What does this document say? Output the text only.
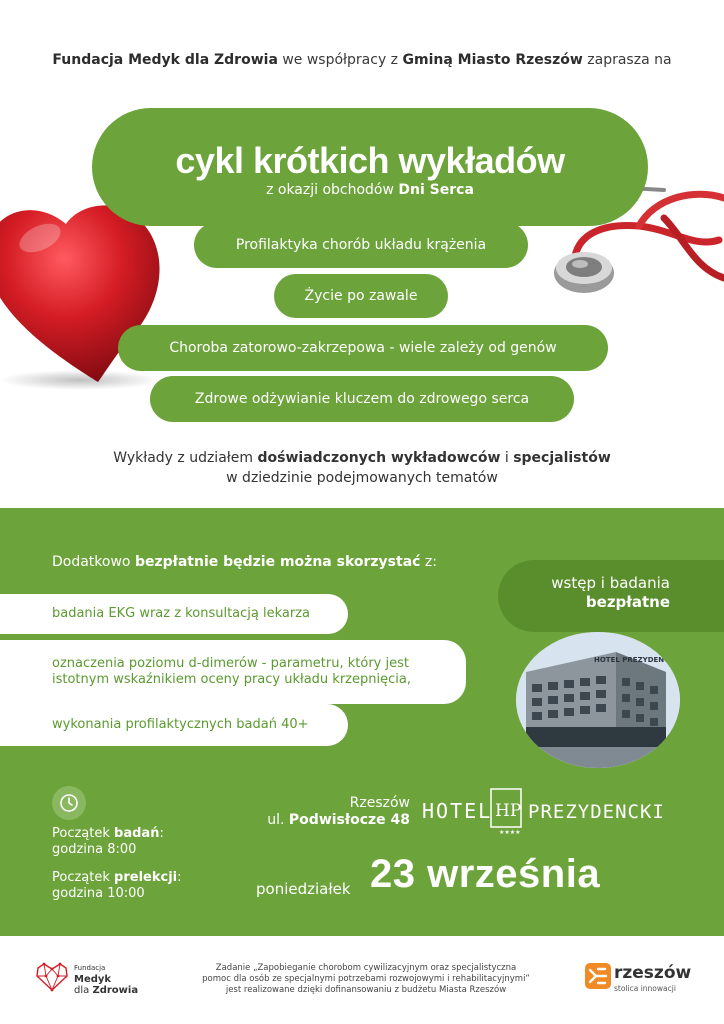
Fundacja Medyk dla Zdrowia we współpracy z Gminą Miasto Rzeszów zaprasza na
cykl krótkich wykładów
z okazji obchodów Dni Serca
Profilaktyka chorób układu krążenia
Życie po zawale
Choroba zatorowo-zakrzepowa - wiele zależy od genów
Zdrowe odżywianie kluczem do zdrowego serca
Wykłady z udziałem doświadczonych wykładowców i specjalistów
w dziedzinie podejmowanych tematów
Dodatkowo bezpłatnie będzie można skorzystać z:
badania EKG wraz z konsultacją lekarza
oznaczenia poziomu d-dimerów - parametru, który jest
istotnym wskaźnikiem oceny pracy układu krzepnięcia,
wykonania profilaktycznych badań 40+
wstęp i badania
bezpłatne
HOTEL PREZYDENCKI
Początek badań:
godzina 8:00
Początek prelekcji:
godzina 10:00
Rzeszów
ul. Podwisłocze 48 HOTEL HP
★★★★
PREZYDENCKI
poniedziałek 23 września
Fundacja
Medyk
dla Zdrowia
Zadanie „Zapobieganie chorobom cywilizacyjnym oraz specjalistyczna
pomoc dla osób ze specjalnymi potrzebami rozwojowymi i rehabilitacyjnymi”
jest realizowane dzięki dofinansowaniu z budżetu Miasta Rzeszów
rzeszów
stolica innowacji
